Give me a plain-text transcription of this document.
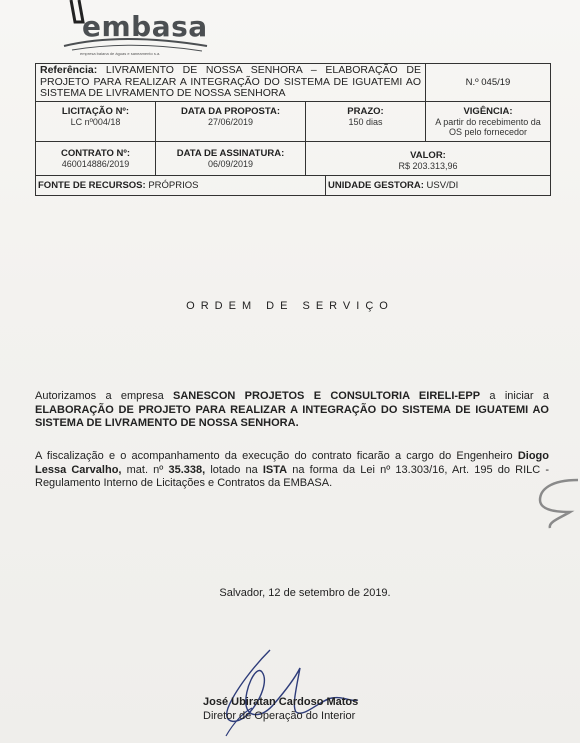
embasa
empresa baiana de águas e saneamento s.a.
Referência: LIVRAMENTO DE NOSSA SENHORA – ELABORAÇÃO DE PROJETO PARA REALIZAR A INTEGRAÇÃO DO SISTEMA DE IGUATEMI AO SISTEMA DE LIVRAMENTO DE NOSSA SENHORA
N.º 045/19
LICITAÇÃO Nº:
LC nº004/18
DATA DA PROPOSTA:
27/06/2019
PRAZO:
150 dias
VIGÊNCIA:
A partir do recebimento da OS pelo fornecedor
CONTRATO Nº:
460014886/2019
DATA DE ASSINATURA:
06/09/2019
VALOR:
R$ 203.313,96
FONTE DE RECURSOS: PRÓPRIOS	UNIDADE GESTORA: USV/DI
ORDEM DE SERVIÇO
Autorizamos a empresa SANESCON PROJETOS E CONSULTORIA EIRELI-EPP a iniciar a ELABORAÇÃO DE PROJETO PARA REALIZAR A INTEGRAÇÃO DO SISTEMA DE IGUATEMI AO SISTEMA DE LIVRAMENTO DE NOSSA SENHORA.
A fiscalização e o acompanhamento da execução do contrato ficarão a cargo do Engenheiro Diogo Lessa Carvalho, mat. nº 35.338, lotado na ISTA na forma da Lei nº 13.303/16, Art. 195 do RILC - Regulamento Interno de Licitações e Contratos da EMBASA.
Salvador, 12 de setembro de 2019.
José Ubiratan Cardoso Matos
Diretor de Operação do Interior
